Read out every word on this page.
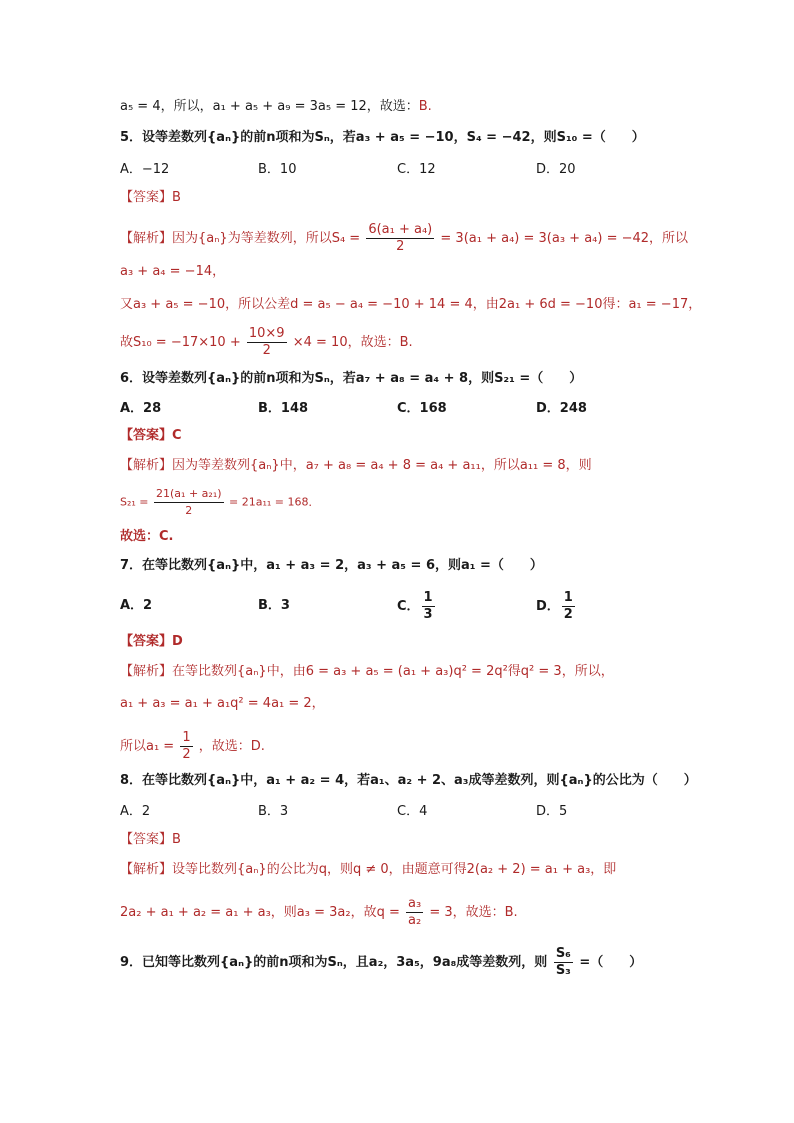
a₅ = 4，所以，a₁ + a₅ + a₉ = 3a₅ = 12，故选：B.
5．设等差数列{aₙ}的前n项和为Sₙ，若a₃ + a₅ = −10，S₄ = −42，则S₁₀ =（　　）
A．−12	B．10	C．12	D．20
【答案】B
【解析】因为{aₙ}为等差数列，所以$S_4 = \frac{\text{6(a₁ + a₄)}}{2} = 3(a_1 + a_4) = 3(a_3 + a_4) = -42$，所以
a₃ + a₄ = −14，
又a₃ + a₅ = −10，所以公差d = a₅ − a₄ = −10 + 14 = 4，由2a₁ + 6d = −10得：a₁ = −17，
故$S_{10} = -17\times 10 + \frac{10\times 9}{2} \times 4 = 10$，故选：B.
6．设等差数列{aₙ}的前n项和为Sₙ，若a₇ + a₈ = a₄ + 8，则S₂₁ =（　　）
A．28	B．148	C．168	D．248
【答案】C
【解析】因为等差数列{aₙ}中，a₇ + a₈ = a₄ + 8 = a₄ + a₁₁，所以a₁₁ = 8，则
$S_{21} = \frac{\text{21(a₁ + a₂₁)}}{2} = 21a_{11} = 168$．
故选：C.
7．在等比数列{aₙ}中，a₁ + a₃ = 2，a₃ + a₅ = 6，则a₁ =（　　）
A．2	B．3	C． $\frac{1}{3}$	D． $\frac{1}{2}$
【答案】D
【解析】在等比数列{aₙ}中，由6 = a₃ + a₅ = (a₁ + a₃)q² = 2q²得q² = 3，所以，
a₁ + a₃ = a₁ + a₁q² = 4a₁ = 2，
所以$a_1 = \frac{1}{2}$ ，故选：D.
8．在等比数列{aₙ}中，a₁ + a₂ = 4，若a₁、a₂ + 2、a₃成等差数列，则{aₙ}的公比为（　　）
A．2	B．3	C．4	D．5
【答案】B
【解析】设等比数列{aₙ}的公比为q，则q ≠ 0，由题意可得2(a₂ + 2) = a₁ + a₃，即
2a₂ + a₁ + a₂ = a₁ + a₃，则a₃ = 3a₂，故$q = \frac{\text{a₃}}{\text{a₂}} = 3$，故选：B.
9．已知等比数列{aₙ}的前n项和为Sₙ，且a₂，3a₅，9a₈成等差数列，则 $\frac{\text{S₆}}{\text{S₃}}$ =（　　）
